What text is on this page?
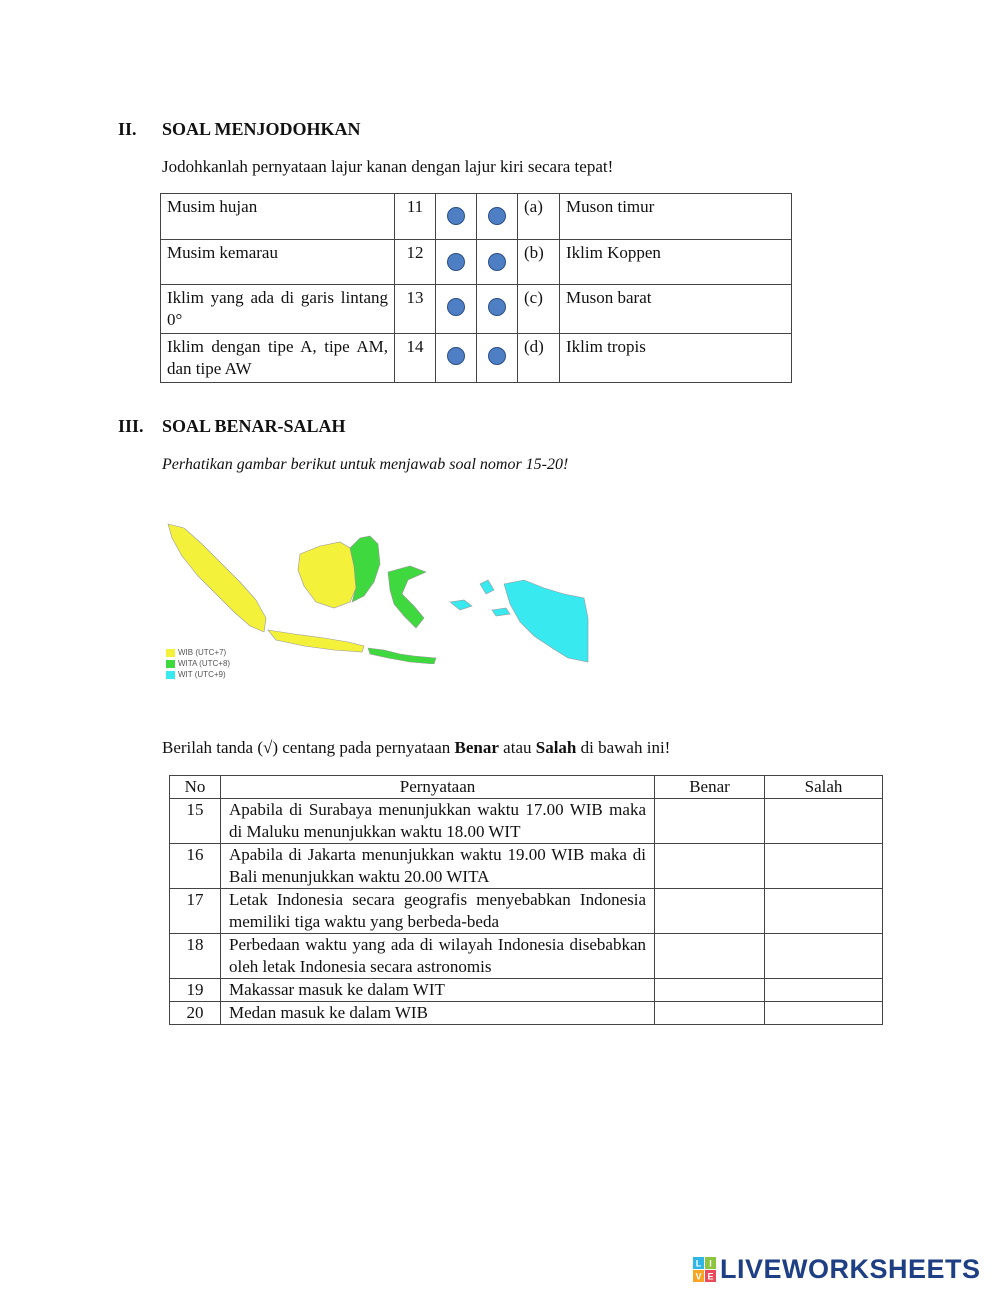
II. SOAL MENJODOHKAN
Jodohkanlah pernyataan lajur kanan dengan lajur kiri secara tepat!
Musim hujan	11			(a)	Muson timur
Musim kemarau	12			(b)	Iklim Koppen
Iklim yang ada di garis lintang 0°	13			(c)	Muson barat
Iklim dengan tipe A, tipe AM, dan tipe AW	14			(d)	Iklim tropis
III. SOAL BENAR-SALAH
Perhatikan gambar berikut untuk menjawab soal nomor 15-20!
WIB (UTC+7)
WITA (UTC+8)
WIT (UTC+9)
Berilah tanda (√) centang pada pernyataan Benar atau Salah di bawah ini!
No	Pernyataan	Benar	Salah
15	Apabila di Surabaya menunjukkan waktu 17.00 WIB maka di Maluku menunjukkan waktu 18.00 WIT		
16	Apabila di Jakarta menunjukkan waktu 19.00 WIB maka di Bali menunjukkan waktu 20.00 WITA		
17	Letak Indonesia secara geografis menyebabkan Indonesia memiliki tiga waktu yang berbeda-beda		
18	Perbedaan waktu yang ada di wilayah Indonesia disebabkan oleh letak Indonesia secara astronomis		
19	Makassar masuk ke dalam WIT		
20	Medan masuk ke dalam WIB		
L I
V E LIVEWORKSHEETS
